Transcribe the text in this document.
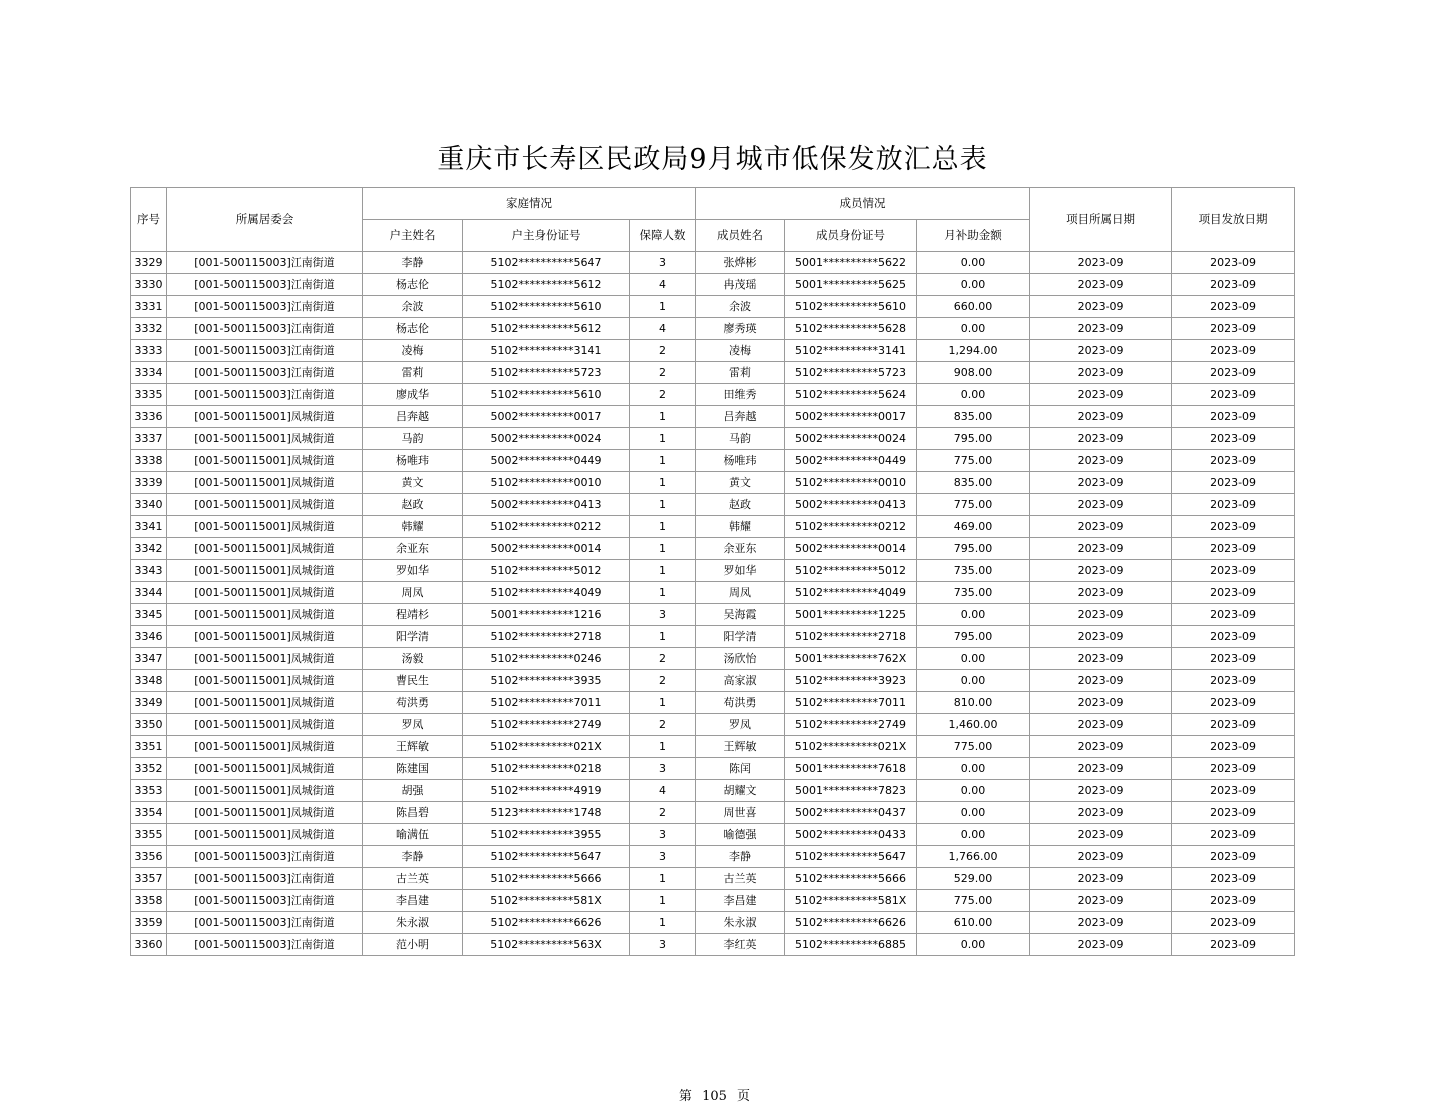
重庆市长寿区民政局9月城市低保发放汇总表
序号	所属居委会	家庭情况			成员情况			项目所属日期	项目发放日期
		户主姓名	户主身份证号	保障人数	成员姓名	成员身份证号	月补助金额		
3329	[001-500115003]江南街道	李静	5102**********5647	3	张烨彬	5001**********5622	0.00	2023-09	2023-09
3330	[001-500115003]江南街道	杨志伦	5102**********5612	4	冉茂瑶	5001**********5625	0.00	2023-09	2023-09
3331	[001-500115003]江南街道	余波	5102**********5610	1	余波	5102**********5610	660.00	2023-09	2023-09
3332	[001-500115003]江南街道	杨志伦	5102**********5612	4	廖秀瑛	5102**********5628	0.00	2023-09	2023-09
3333	[001-500115003]江南街道	凌梅	5102**********3141	2	凌梅	5102**********3141	1,294.00	2023-09	2023-09
3334	[001-500115003]江南街道	雷莉	5102**********5723	2	雷莉	5102**********5723	908.00	2023-09	2023-09
3335	[001-500115003]江南街道	廖成华	5102**********5610	2	田维秀	5102**********5624	0.00	2023-09	2023-09
3336	[001-500115001]凤城街道	吕奔越	5002**********0017	1	吕奔越	5002**********0017	835.00	2023-09	2023-09
3337	[001-500115001]凤城街道	马韵	5002**********0024	1	马韵	5002**********0024	795.00	2023-09	2023-09
3338	[001-500115001]凤城街道	杨唯玮	5002**********0449	1	杨唯玮	5002**********0449	775.00	2023-09	2023-09
3339	[001-500115001]凤城街道	黄文	5102**********0010	1	黄文	5102**********0010	835.00	2023-09	2023-09
3340	[001-500115001]凤城街道	赵政	5002**********0413	1	赵政	5002**********0413	775.00	2023-09	2023-09
3341	[001-500115001]凤城街道	韩耀	5102**********0212	1	韩耀	5102**********0212	469.00	2023-09	2023-09
3342	[001-500115001]凤城街道	余亚东	5002**********0014	1	余亚东	5002**********0014	795.00	2023-09	2023-09
3343	[001-500115001]凤城街道	罗如华	5102**********5012	1	罗如华	5102**********5012	735.00	2023-09	2023-09
3344	[001-500115001]凤城街道	周凤	5102**********4049	1	周凤	5102**********4049	735.00	2023-09	2023-09
3345	[001-500115001]凤城街道	程靖杉	5001**********1216	3	吴海霞	5001**********1225	0.00	2023-09	2023-09
3346	[001-500115001]凤城街道	阳学清	5102**********2718	1	阳学清	5102**********2718	795.00	2023-09	2023-09
3347	[001-500115001]凤城街道	汤毅	5102**********0246	2	汤欣怡	5001**********762X	0.00	2023-09	2023-09
3348	[001-500115001]凤城街道	曹民生	5102**********3935	2	高家淑	5102**********3923	0.00	2023-09	2023-09
3349	[001-500115001]凤城街道	苟洪勇	5102**********7011	1	苟洪勇	5102**********7011	810.00	2023-09	2023-09
3350	[001-500115001]凤城街道	罗凤	5102**********2749	2	罗凤	5102**********2749	1,460.00	2023-09	2023-09
3351	[001-500115001]凤城街道	王辉敏	5102**********021X	1	王辉敏	5102**********021X	775.00	2023-09	2023-09
3352	[001-500115001]凤城街道	陈建国	5102**********0218	3	陈闰	5001**********7618	0.00	2023-09	2023-09
3353	[001-500115001]凤城街道	胡强	5102**********4919	4	胡耀文	5001**********7823	0.00	2023-09	2023-09
3354	[001-500115001]凤城街道	陈昌碧	5123**********1748	2	周世喜	5002**********0437	0.00	2023-09	2023-09
3355	[001-500115001]凤城街道	喻满伍	5102**********3955	3	喻德强	5002**********0433	0.00	2023-09	2023-09
3356	[001-500115003]江南街道	李静	5102**********5647	3	李静	5102**********5647	1,766.00	2023-09	2023-09
3357	[001-500115003]江南街道	古兰英	5102**********5666	1	古兰英	5102**********5666	529.00	2023-09	2023-09
3358	[001-500115003]江南街道	李昌建	5102**********581X	1	李昌建	5102**********581X	775.00	2023-09	2023-09
3359	[001-500115003]江南街道	朱永淑	5102**********6626	1	朱永淑	5102**********6626	610.00	2023-09	2023-09
3360	[001-500115003]江南街道	范小明	5102**********563X	3	李红英	5102**********6885	0.00	2023-09	2023-09
第 105 页
